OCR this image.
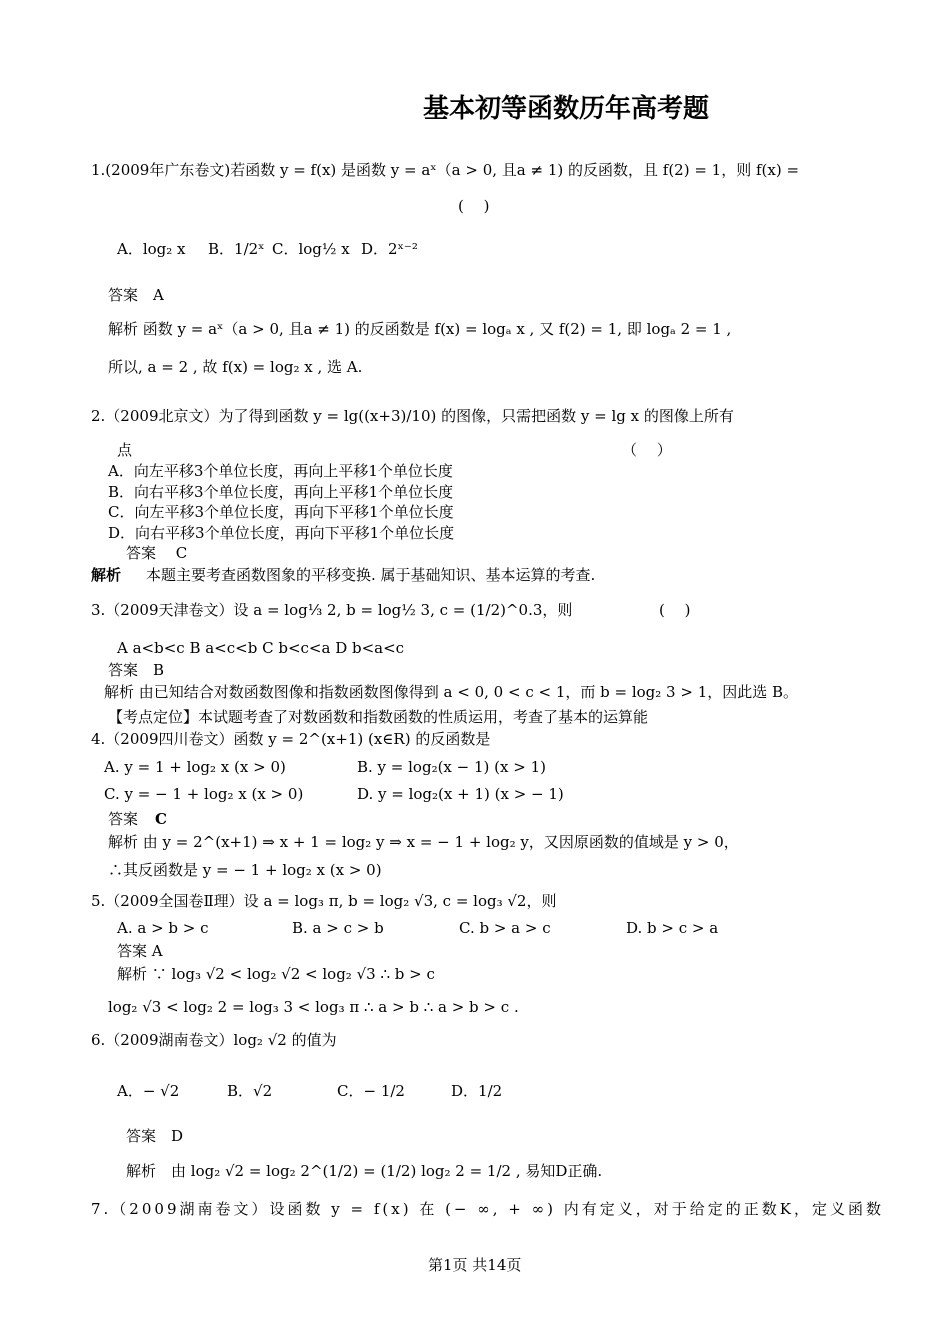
基本初等函数历年高考题
1.(2009年广东卷文)若函数 y = f(x) 是函数 y = aˣ（a > 0, 且a ≠ 1) 的反函数，且 f(2) = 1，则 f(x) =
(　 )
A．log₂ x B．1/2ˣ C．log½ x D．2ˣ⁻²
答案　A
解析 函数 y = aˣ（a > 0, 且a ≠ 1) 的反函数是 f(x) = logₐ x , 又 f(2) = 1, 即 logₐ 2 = 1 ,
所以, a = 2 , 故 f(x) = log₂ x , 选 A.
2.（2009北京文）为了得到函数 y = lg((x+3)/10) 的图像，只需把函数 y = lg x 的图像上所有
点	（　 ）
A．向左平移3个单位长度，再向上平移1个单位长度
B．向右平移3个单位长度，再向上平移1个单位长度
C．向左平移3个单位长度，再向下平移1个单位长度
D．向右平移3个单位长度，再向下平移1个单位长度
答案　 C
解析 　本题主要考查函数图象的平移变换. 属于基础知识、基本运算的考查.
3.（2009天津卷文）设 a = log⅓ 2, b = log½ 3, c = (1/2)^0.3，则	(　 )
A a<b<c B a<c<b C b<c<a D b<a<c
答案　B
解析 由已知结合对数函数图像和指数函数图像得到 a < 0, 0 < c < 1，而 b = log₂ 3 > 1，因此选 B。
【考点定位】本试题考查了对数函数和指数函数的性质运用，考查了基本的运算能
4.（2009四川卷文）函数 y = 2^(x+1) (x∈R) 的反函数是
A. y = 1 + log₂ x (x > 0)	B. y = log₂(x − 1) (x > 1)
C. y = − 1 + log₂ x (x > 0)	D. y = log₂(x + 1) (x > − 1)
答案 C
解析 由 y = 2^(x+1) ⇒ x + 1 = log₂ y ⇒ x = − 1 + log₂ y，又因原函数的值域是 y > 0，
∴其反函数是 y = − 1 + log₂ x (x > 0)
5.（2009全国卷Ⅱ理）设 a = log₃ π, b = log₂ √3, c = log₃ √2，则
A. a > b > c	B. a > c > b	C. b > a > c	D. b > c > a
答案 A
解析 ∵ log₃ √2 < log₂ √2 < log₂ √3 ∴ b > c
log₂ √3 < log₂ 2 = log₃ 3 < log₃ π ∴ a > b ∴ a > b > c .
6.（2009湖南卷文）log₂ √2 的值为
A．− √2	B．√2	C．− 1/2	D．1/2
答案　D
解析　由 log₂ √2 = log₂ 2^(1/2) = (1/2) log₂ 2 = 1/2 , 易知D正确.
7.（2009湖南卷文）设函数 y = f(x) 在 (− ∞, + ∞) 内有定义，对于给定的正数K，定义函数
第1页 共14页
